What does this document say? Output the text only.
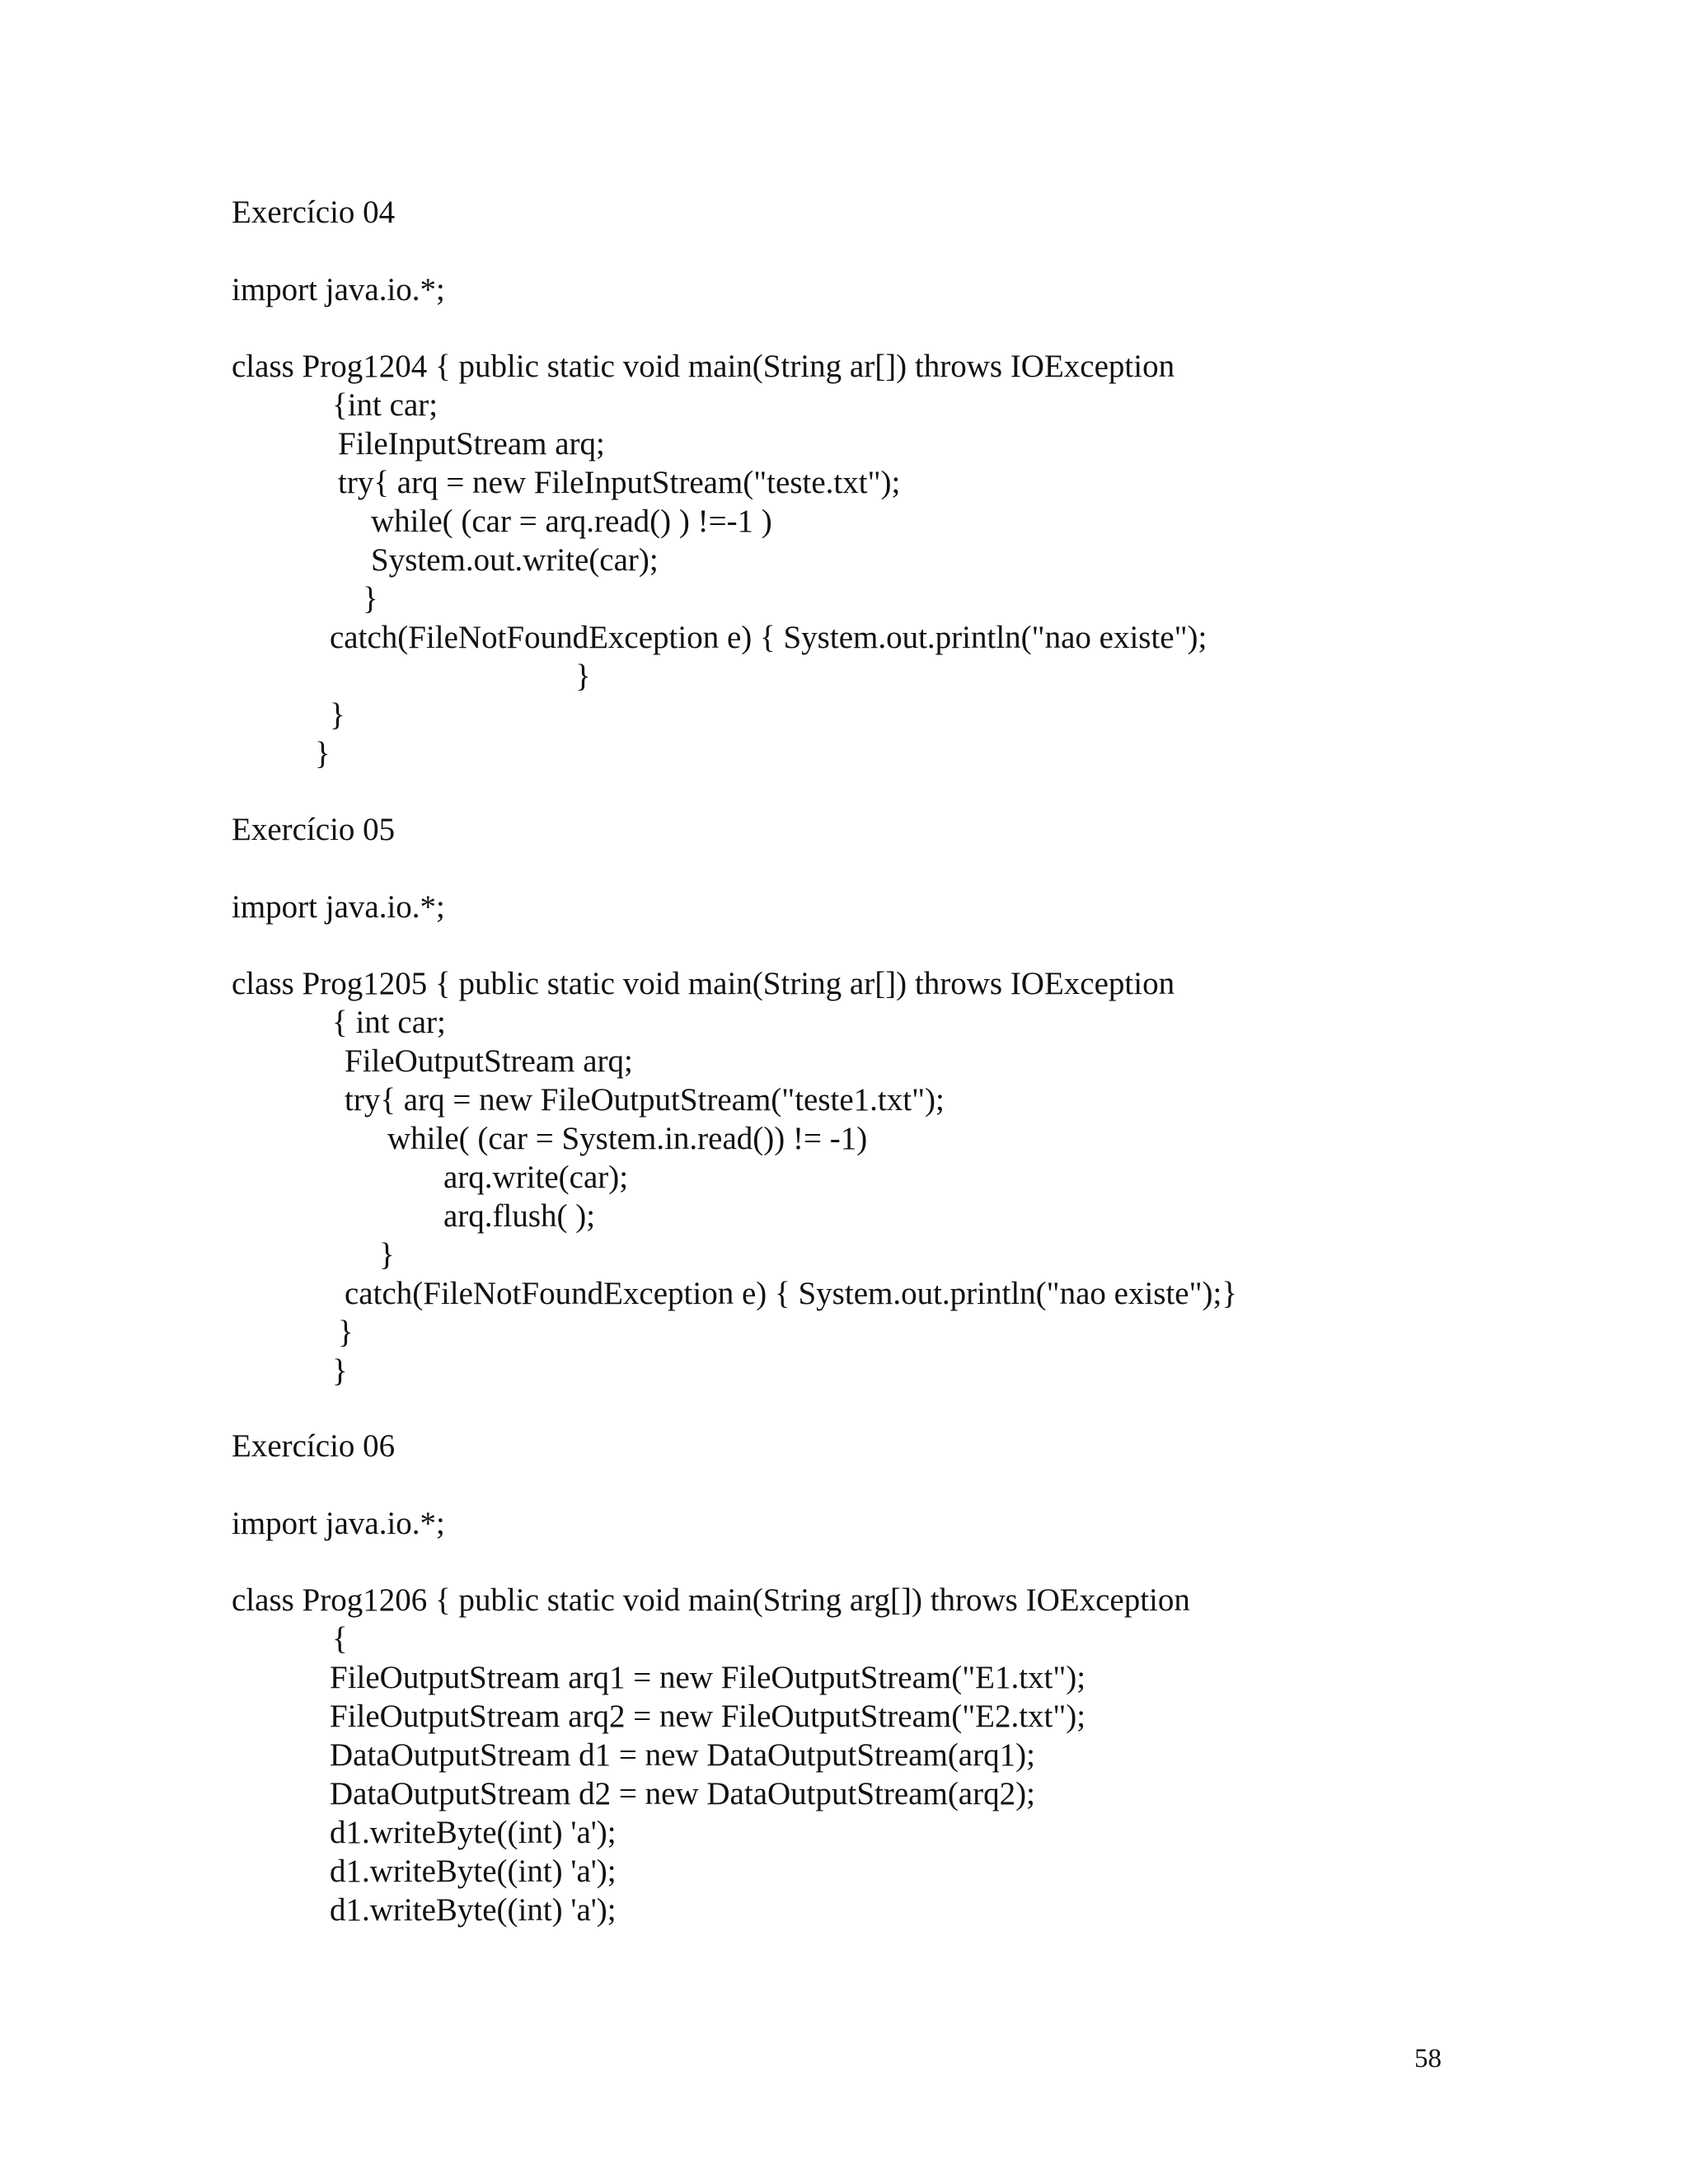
Exercício 04
import java.io.*;
class Prog1204 { public static void main(String ar[]) throws IOException
{int car;
FileInputStream arq;
try{ arq = new FileInputStream("teste.txt");
while( (car = arq.read() ) !=-1 )
System.out.write(car);
}
catch(FileNotFoundException e) { System.out.println("nao existe");
}
}
}
Exercício 05
import java.io.*;
class Prog1205 { public static void main(String ar[]) throws IOException
{ int car;
FileOutputStream arq;
try{ arq = new FileOutputStream("teste1.txt");
while( (car = System.in.read()) != -1)
arq.write(car);
arq.flush( );
}
catch(FileNotFoundException e) { System.out.println("nao existe");}
}
}
Exercício 06
import java.io.*;
class Prog1206 { public static void main(String arg[]) throws IOException
{
FileOutputStream arq1 = new FileOutputStream("E1.txt");
FileOutputStream arq2 = new FileOutputStream("E2.txt");
DataOutputStream d1 = new DataOutputStream(arq1);
DataOutputStream d2 = new DataOutputStream(arq2);
d1.writeByte((int) 'a');
d1.writeByte((int) 'a');
d1.writeByte((int) 'a');
58
